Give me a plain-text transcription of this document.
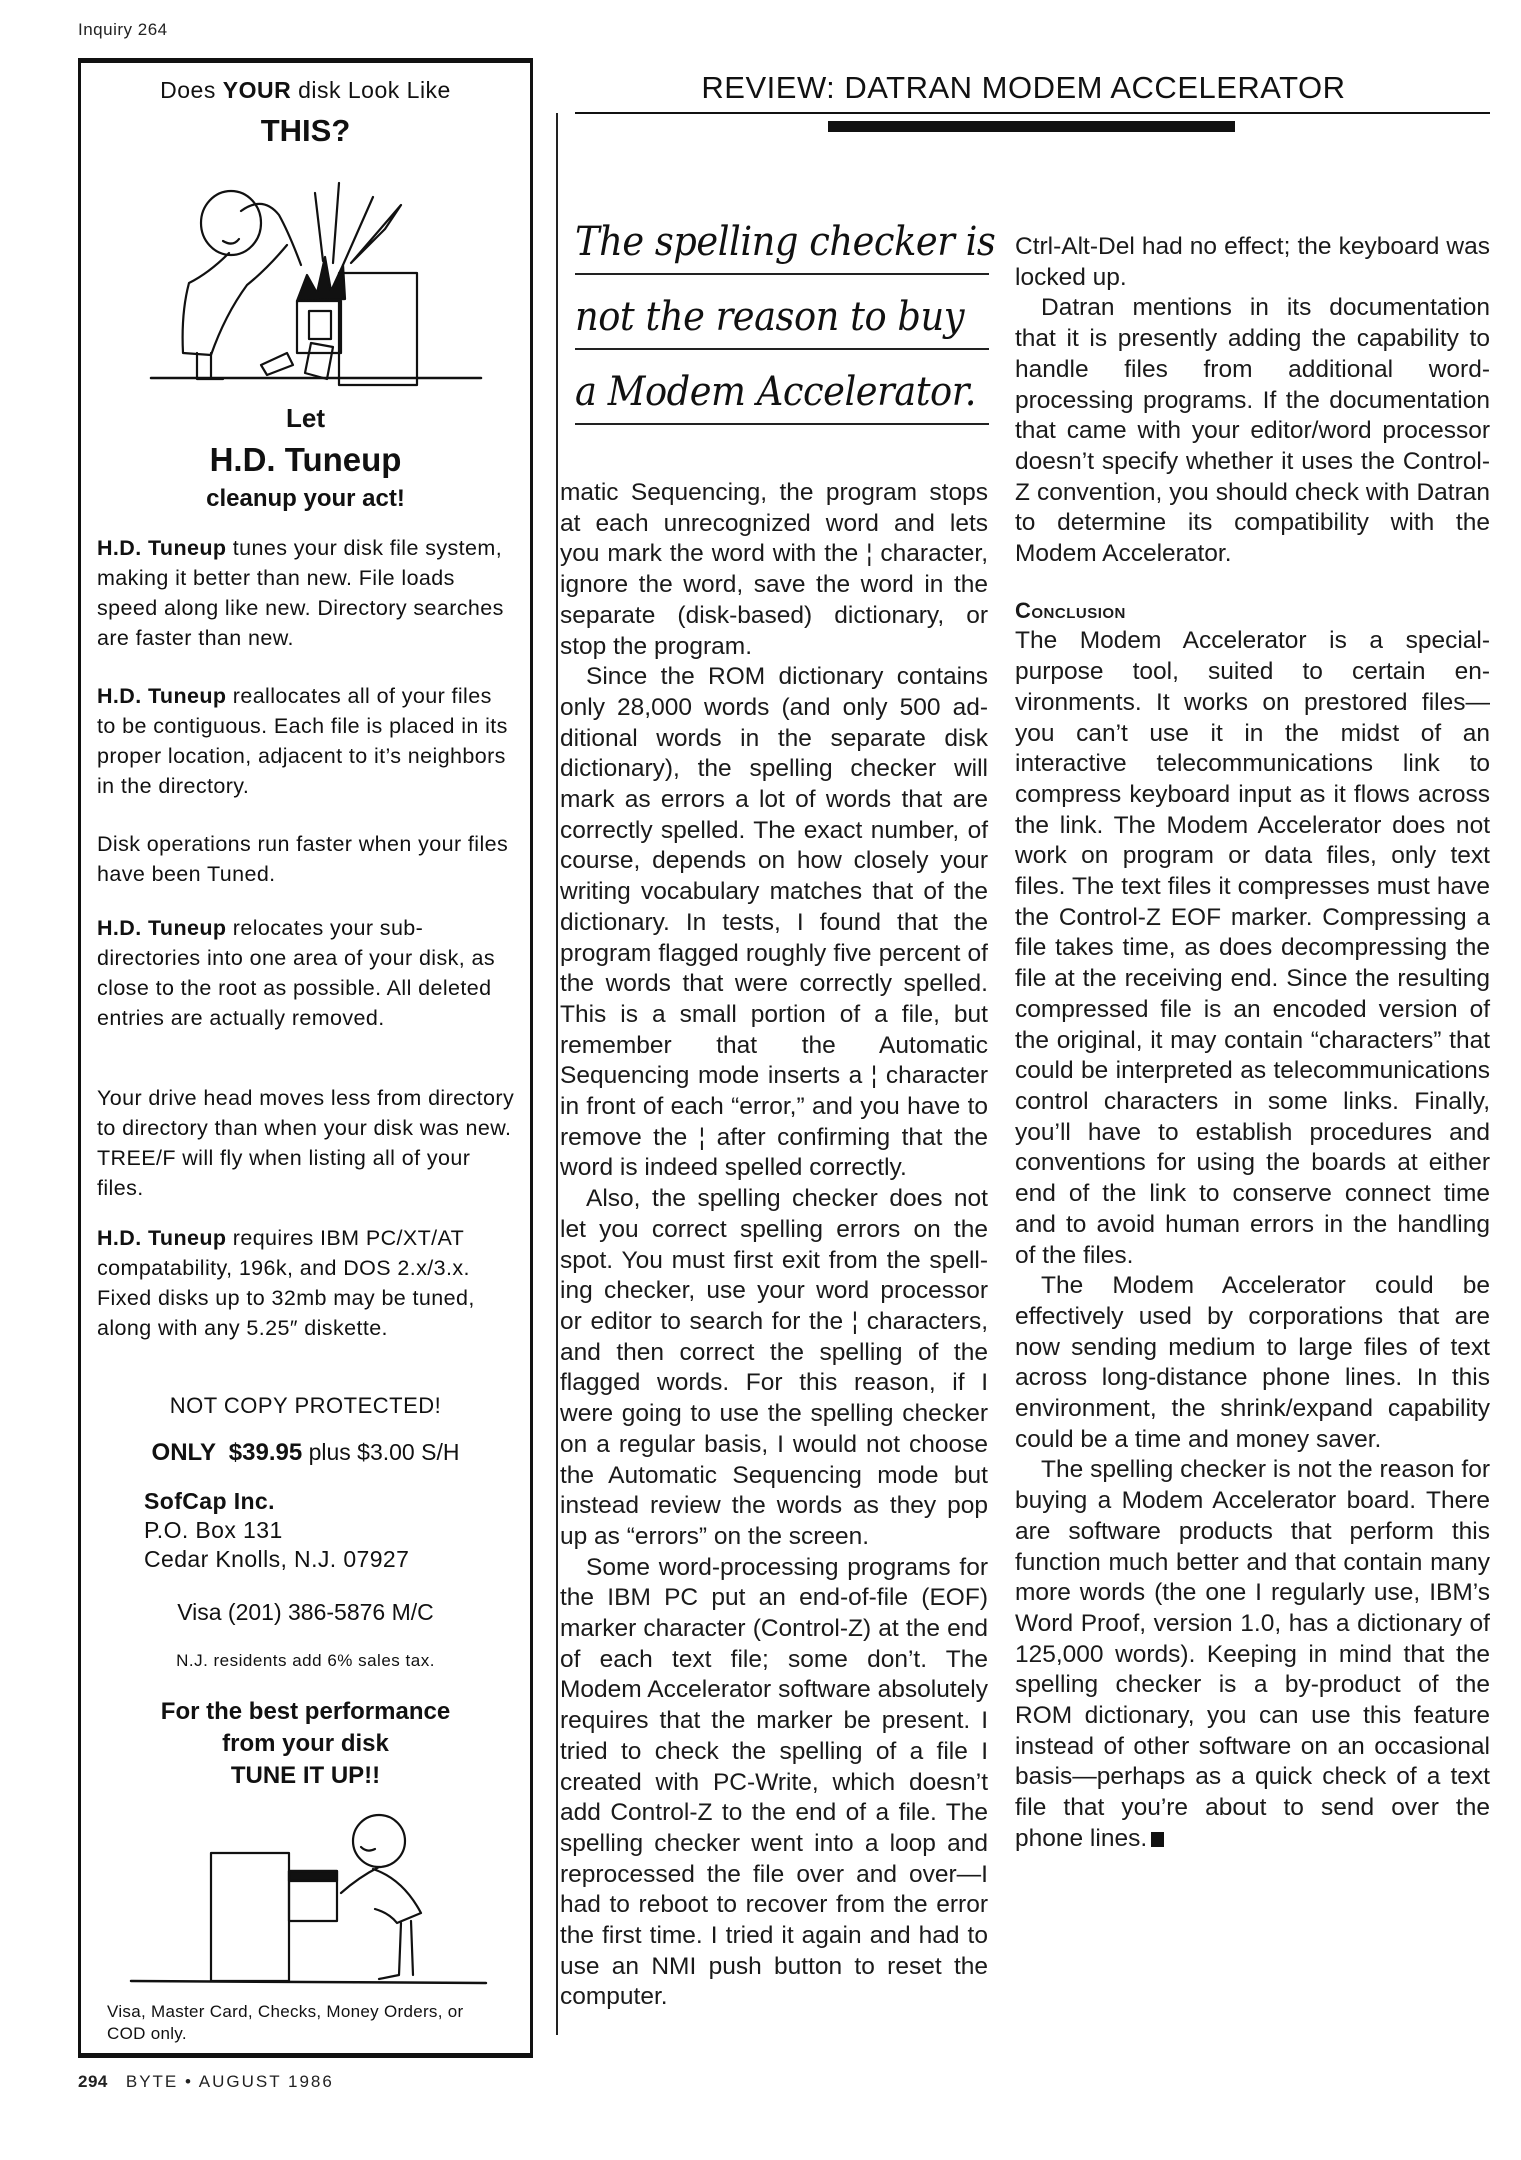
Inquiry 264
Does YOUR disk Look Like
THIS?
Let
H.D. Tuneup
cleanup your act!
H.D. Tuneup tunes your disk file system, making it better than new. File loads speed along like new. Directory searches are faster than new.
H.D. Tuneup reallocates all of your files to be contiguous. Each file is placed in its proper location, adjacent to it’s neighbors in the directory.
Disk operations run faster when your files have been Tuned.
H.D. Tuneup relocates your sub-directories into one area of your disk, as close to the root as possible. All deleted entries are actually removed.
Your drive head moves less from directory to directory than when your disk was new. TREE/F will fly when listing all of your files.
H.D. Tuneup requires IBM PC/XT/AT compatability, 196k, and DOS 2.x/3.x. Fixed disks up to 32mb may be tuned, along with any 5.25″ diskette.
NOT COPY PROTECTED!
ONLY $39.95 plus $3.00 S/H
SofCap Inc.
P.O. Box 131
Cedar Knolls, N.J. 07927
Visa (201) 386-5876 M/C
N.J. residents add 6% sales tax.
For the best performance
from your disk
TUNE IT UP!!
Visa, Master Card, Checks, Money Orders, or COD only.
REVIEW: DATRAN MODEM ACCELERATOR
The spelling checker is
not the reason to buy
a Modem Accelerator.

matic Sequencing, the program stops at each unrecognized word and lets you mark the word with the ¦ character, ignore the word, save the word in the separate (disk-based) dictionary, or stop the program.

Since the ROM dictionary contains only 28,000 words (and only 500 additional words in the separate disk dictionary), the spelling checker will mark as errors a lot of words that are correctly spelled. The exact number, of course, depends on how closely your writing vocabulary matches that of the dictionary. In tests, I found that the program flagged roughly five percent of the words that were correctly spelled. This is a small portion of a file, but remember that the Automatic Sequencing mode inserts a ¦ character in front of each “error,” and you have to remove the ¦ after confirming that the word is indeed spelled correctly.

Also, the spelling checker does not let you correct spelling errors on the spot. You must first exit from the spelling checker, use your word processor or editor to search for the ¦ characters, and then correct the spelling of the flagged words. For this reason, if I were going to use the spelling checker on a regular basis, I would not choose the Automatic Sequencing mode but instead review the words as they pop up as “errors” on the screen.

Some word-processing programs for the IBM PC put an end-of-file (EOF) marker character (Control-Z) at the end of each text file; some don’t. The Modem Accelerator software absolutely requires that the marker be present. I tried to check the spelling of a file I created with PC-Write, which doesn’t add Control-Z to the end of a file. The spelling checker went into a loop and reprocessed the file over and over—I had to reboot to recover from the error the first time. I tried it again and had to use an NMI push button to reset the computer.

Ctrl-Alt-Del had no effect; the keyboard was locked up.

Datran mentions in its documentation that it is presently adding the capability to handle files from additional word-processing programs. If the documentation that came with your editor/word processor doesn’t specify whether it uses the Control-Z convention, you should check with Datran to determine its compatibility with the Modem Accelerator.

Conclusion

The Modem Accelerator is a special-purpose tool, suited to certain environments. It works on prestored files—you can’t use it in the midst of an interactive telecommunications link to compress keyboard input as it flows across the link. The Modem Accelerator does not work on program or data files, only text files. The text files it compresses must have the Control-Z EOF marker. Compressing a file takes time, as does decompressing the file at the receiving end. Since the resulting compressed file is an encoded version of the original, it may contain “characters” that could be interpreted as telecommunications control characters in some links. Finally, you’ll have to establish procedures and conventions for using the boards at either end of the link to conserve connect time and to avoid human errors in the handling of the files.

The Modem Accelerator could be effectively used by corporations that are now sending medium to large files of text across long-distance phone lines. In this environment, the shrink/expand capability could be a time and money saver.

The spelling checker is not the reason for buying a Modem Accelerator board. There are software products that perform this function much better and that contain many more words (the one I regularly use, IBM’s Word Proof, version 1.0, has a dictionary of 125,000 words). Keeping in mind that the spelling checker is a by-product of the ROM dictionary, you can use this feature instead of other software on an occasional basis—perhaps as a quick check of a text file that you’re about to send over the phone lines.

294 BYTE • AUGUST 1986
